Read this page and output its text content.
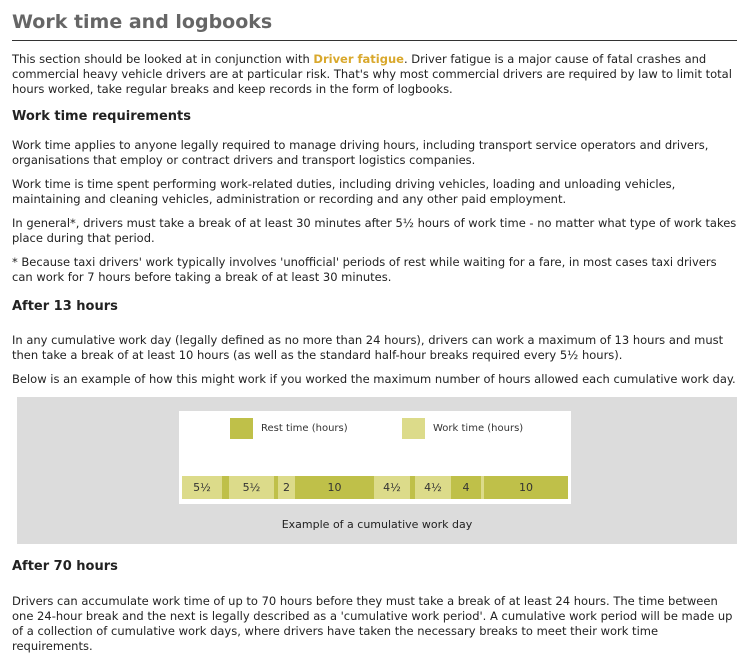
Work time and logbooks

This section should be looked at in conjunction with Driver fatigue. Driver fatigue is a major cause of fatal crashes and commercial heavy vehicle drivers are at particular risk. That's why most commercial drivers are required by law to limit total hours worked, take regular breaks and keep records in the form of logbooks.

Work time requirements

Work time applies to anyone legally required to manage driving hours, including transport service operators and drivers, organisations that employ or contract drivers and transport logistics companies.

Work time is time spent performing work-related duties, including driving vehicles, loading and unloading vehicles, maintaining and cleaning vehicles, administration or recording and any other paid employment.

In general*, drivers must take a break of at least 30 minutes after 5½ hours of work time - no matter what type of work takes place during that period.

* Because taxi drivers' work typically involves 'unofficial' periods of rest while waiting for a fare, in most cases taxi drivers can work for 7 hours before taking a break of at least 30 minutes.

After 13 hours

In any cumulative work day (legally defined as no more than 24 hours), drivers can work a maximum of 13 hours and must then take a break of at least 10 hours (as well as the standard half-hour breaks required every 5½ hours).

Below is an example of how this might work if you worked the maximum number of hours allowed each cumulative work day.

Rest time (hours)	Work time (hours)
5½	5½	2	10	4½	4½	4	10
Example of a cumulative work day
After 70 hours

Drivers can accumulate work time of up to 70 hours before they must take a break of at least 24 hours. The time between one 24-hour break and the next is legally described as a 'cumulative work period'. A cumulative work period will be made up of a collection of cumulative work days, where drivers have taken the necessary breaks to meet their work time requirements.
